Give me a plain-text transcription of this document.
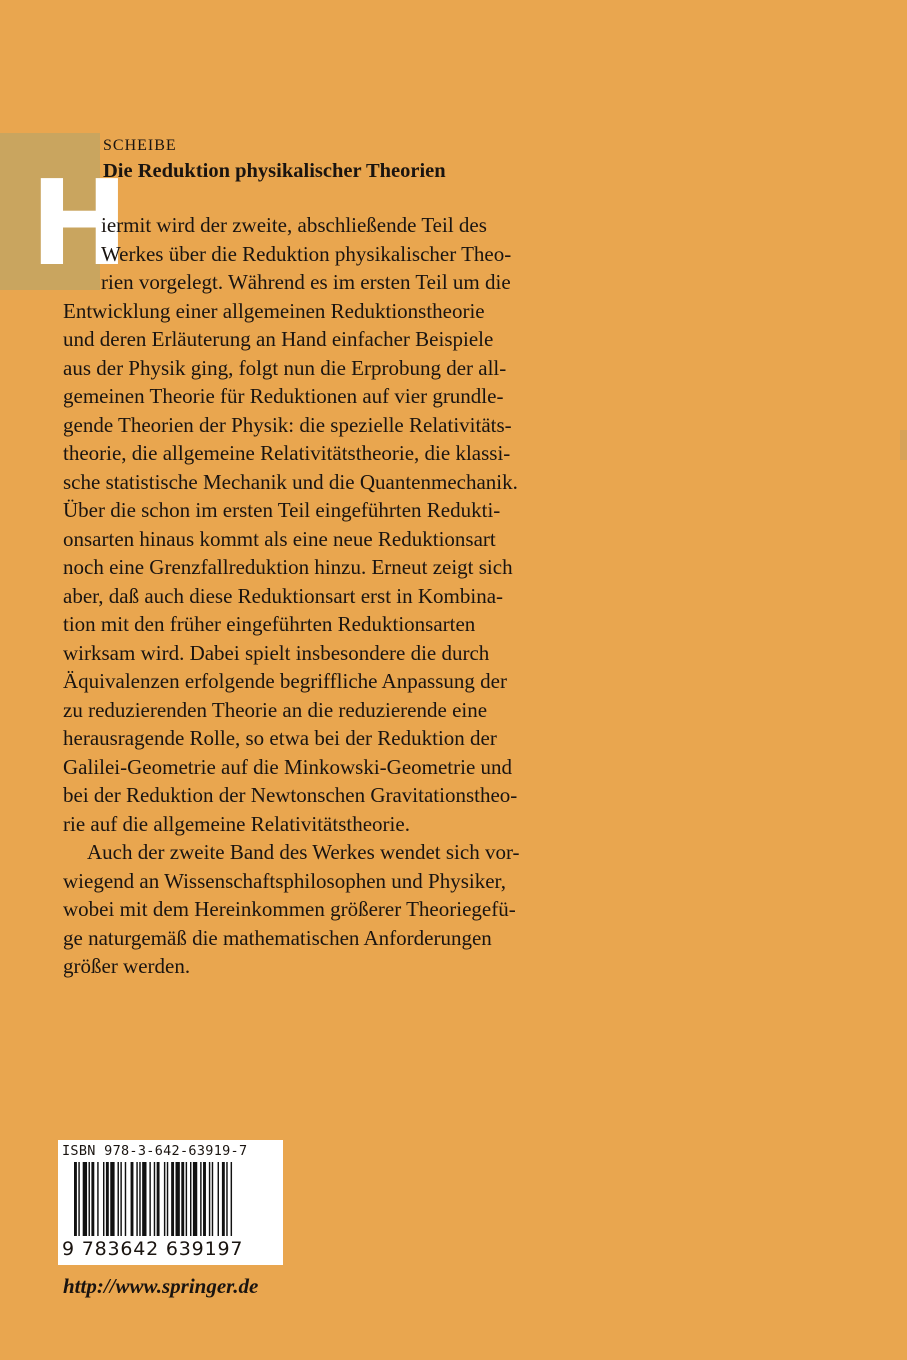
H
SCHEIBE
Die Reduktion physikalischer Theorien
iermit wird der zweite, abschließende Teil des
Werkes über die Reduktion physikalischer Theo-
rien vorgelegt. Während es im ersten Teil um die
Entwicklung einer allgemeinen Reduktionstheorie
und deren Erläuterung an Hand einfacher Beispiele
aus der Physik ging, folgt nun die Erprobung der all-
gemeinen Theorie für Reduktionen auf vier grundle-
gende Theorien der Physik: die spezielle Relativitäts-
theorie, die allgemeine Relativitätstheorie, die klassi-
sche statistische Mechanik und die Quantenmechanik.
Über die schon im ersten Teil eingeführten Redukti-
onsarten hinaus kommt als eine neue Reduktionsart
noch eine Grenzfallreduktion hinzu. Erneut zeigt sich
aber, daß auch diese Reduktionsart erst in Kombina-
tion mit den früher eingeführten Reduktionsarten
wirksam wird. Dabei spielt insbesondere die durch
Äquivalenzen erfolgende begriffliche Anpassung der
zu reduzierenden Theorie an die reduzierende eine
herausragende Rolle, so etwa bei der Reduktion der
Galilei-Geometrie auf die Minkowski-Geometrie und
bei der Reduktion der Newtonschen Gravitationstheo-
rie auf die allgemeine Relativitätstheorie.
Auch der zweite Band des Werkes wendet sich vor-
wiegend an Wissenschaftsphilosophen und Physiker,
wobei mit dem Hereinkommen größerer Theoriegefü-
ge naturgemäß die mathematischen Anforderungen
größer werden.
ISBN 978-3-642-63919-7
9 783642 639197
http://www.springer.de
